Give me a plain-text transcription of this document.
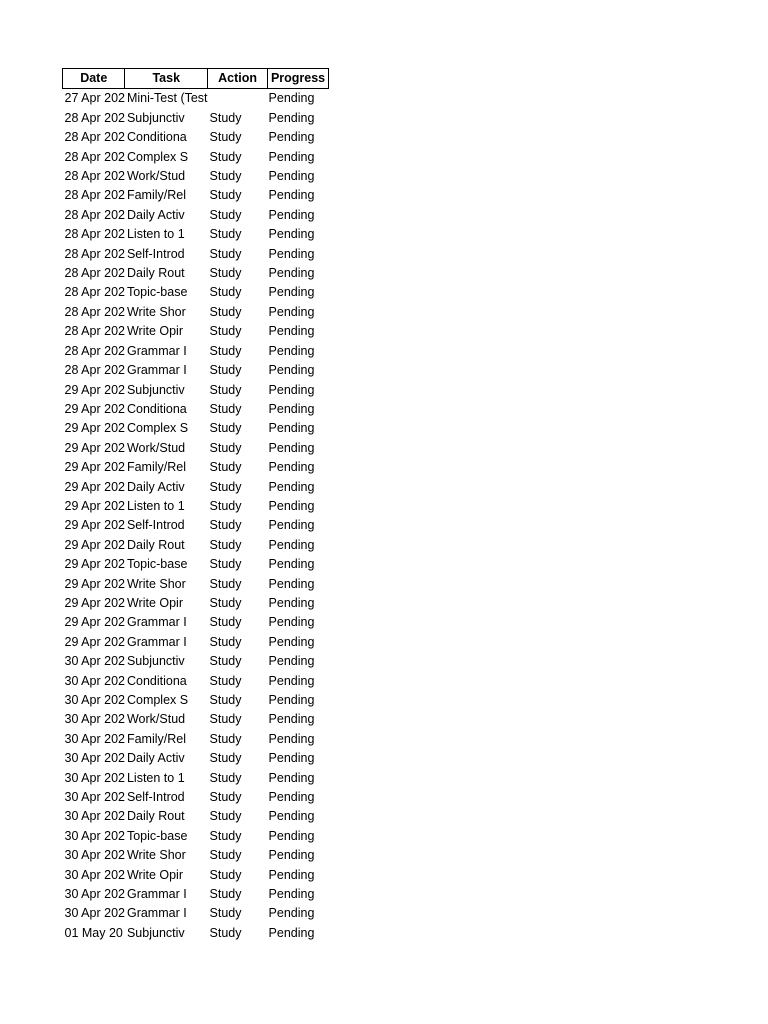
Date	Task	Action	Progress
27 Apr 202	Mini-Test (Test		Pending
28 Apr 202	Subjunctiv	Study	Pending
28 Apr 202	Conditiona	Study	Pending
28 Apr 202	Complex S	Study	Pending
28 Apr 202	Work/Stud	Study	Pending
28 Apr 202	Family/Rel	Study	Pending
28 Apr 202	Daily Activ	Study	Pending
28 Apr 202	Listen to 1	Study	Pending
28 Apr 202	Self-Introd	Study	Pending
28 Apr 202	Daily Rout	Study	Pending
28 Apr 202	Topic-base	Study	Pending
28 Apr 202	Write Shor	Study	Pending
28 Apr 202	Write Opir	Study	Pending
28 Apr 202	Grammar I	Study	Pending
28 Apr 202	Grammar I	Study	Pending
29 Apr 202	Subjunctiv	Study	Pending
29 Apr 202	Conditiona	Study	Pending
29 Apr 202	Complex S	Study	Pending
29 Apr 202	Work/Stud	Study	Pending
29 Apr 202	Family/Rel	Study	Pending
29 Apr 202	Daily Activ	Study	Pending
29 Apr 202	Listen to 1	Study	Pending
29 Apr 202	Self-Introd	Study	Pending
29 Apr 202	Daily Rout	Study	Pending
29 Apr 202	Topic-base	Study	Pending
29 Apr 202	Write Shor	Study	Pending
29 Apr 202	Write Opir	Study	Pending
29 Apr 202	Grammar I	Study	Pending
29 Apr 202	Grammar I	Study	Pending
30 Apr 202	Subjunctiv	Study	Pending
30 Apr 202	Conditiona	Study	Pending
30 Apr 202	Complex S	Study	Pending
30 Apr 202	Work/Stud	Study	Pending
30 Apr 202	Family/Rel	Study	Pending
30 Apr 202	Daily Activ	Study	Pending
30 Apr 202	Listen to 1	Study	Pending
30 Apr 202	Self-Introd	Study	Pending
30 Apr 202	Daily Rout	Study	Pending
30 Apr 202	Topic-base	Study	Pending
30 Apr 202	Write Shor	Study	Pending
30 Apr 202	Write Opir	Study	Pending
30 Apr 202	Grammar I	Study	Pending
30 Apr 202	Grammar I	Study	Pending
01 May 20	Subjunctiv	Study	Pending
